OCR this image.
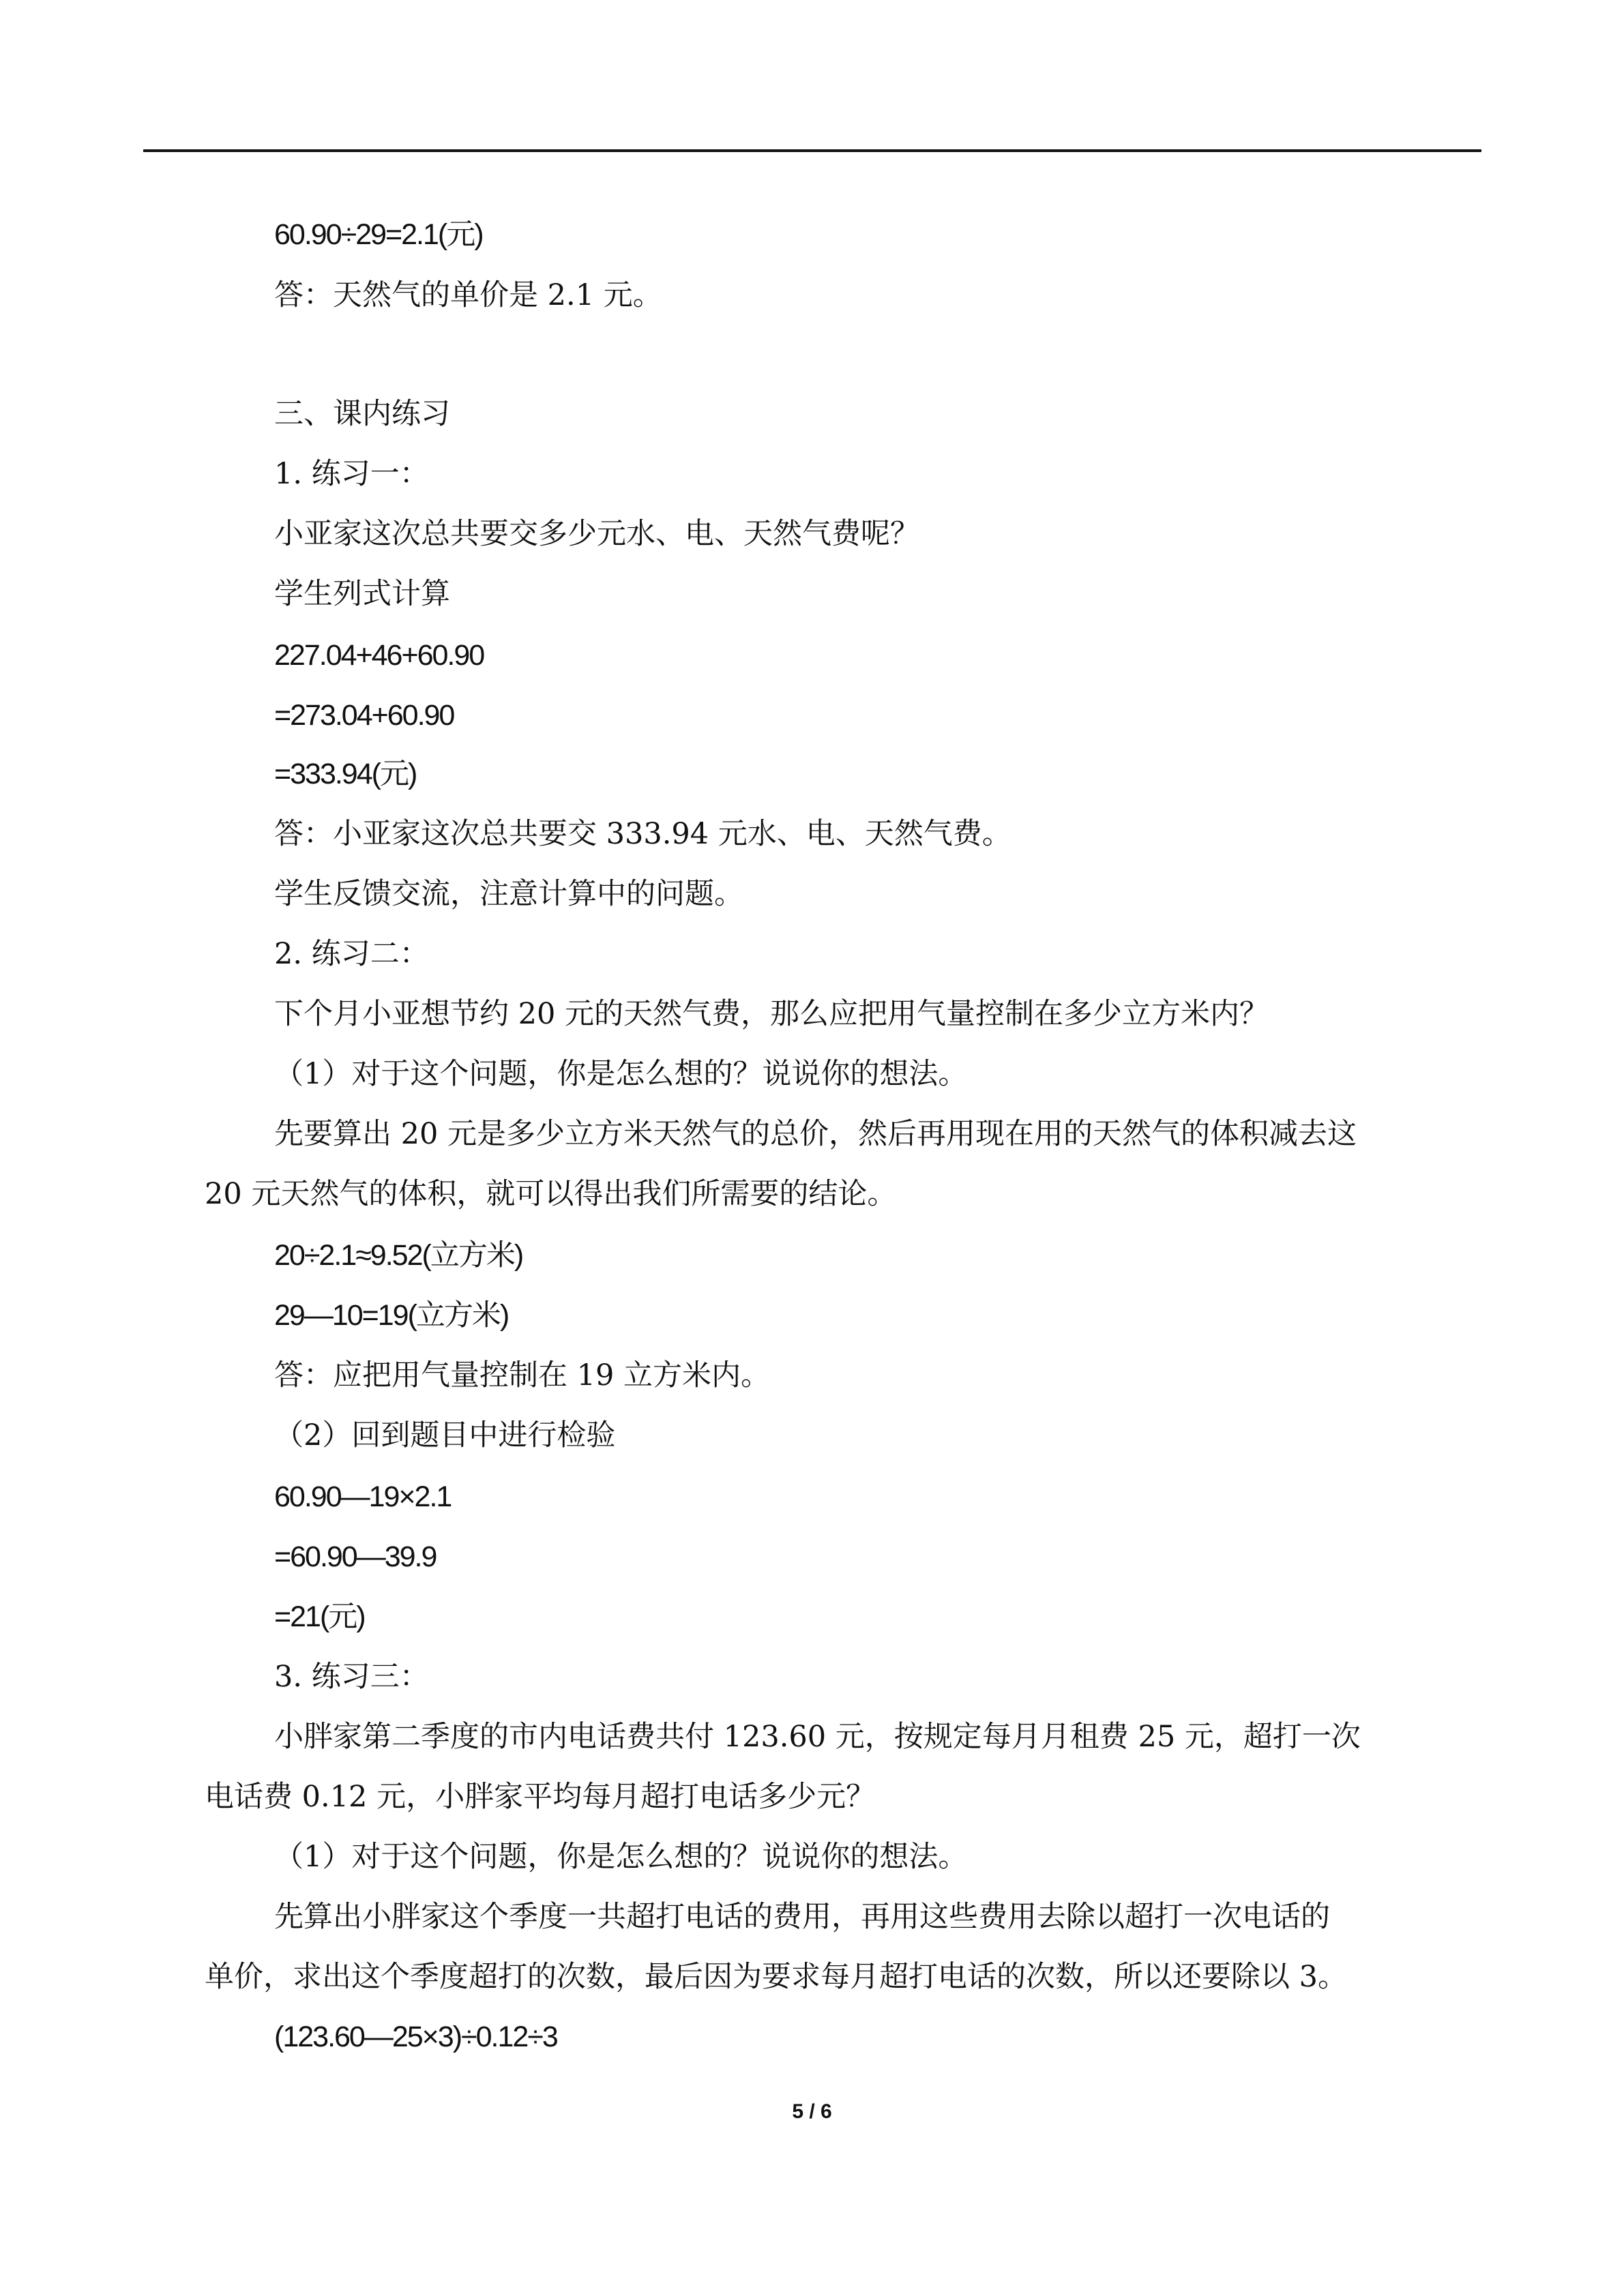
60.90÷29=2.1(元)
答：天然气的单价是 2.1 元。
三、课内练习
1. 练习一：
小亚家这次总共要交多少元水、电、天然气费呢？
学生列式计算
227.04+46+60.90
=273.04+60.90
=333.94(元)
答：小亚家这次总共要交 333.94 元水、电、天然气费。
学生反馈交流，注意计算中的问题。
2. 练习二：
下个月小亚想节约 20 元的天然气费，那么应把用气量控制在多少立方米内？
（1）对于这个问题，你是怎么想的？说说你的想法。
先要算出 20 元是多少立方米天然气的总价，然后再用现在用的天然气的体积减去这
20 元天然气的体积，就可以得出我们所需要的结论。
20÷2.1≈9.52(立方米)
29—10=19(立方米)
答：应把用气量控制在 19 立方米内。
（2）回到题目中进行检验
60.90—19×2.1
=60.90—39.9
=21(元)
3. 练习三：
小胖家第二季度的市内电话费共付 123.60 元，按规定每月月租费 25 元，超打一次
电话费 0.12 元，小胖家平均每月超打电话多少元？
（1）对于这个问题，你是怎么想的？说说你的想法。
先算出小胖家这个季度一共超打电话的费用，再用这些费用去除以超打一次电话的
单价，求出这个季度超打的次数，最后因为要求每月超打电话的次数，所以还要除以 3。
(123.60—25×3)÷0.12÷3
5 / 6
